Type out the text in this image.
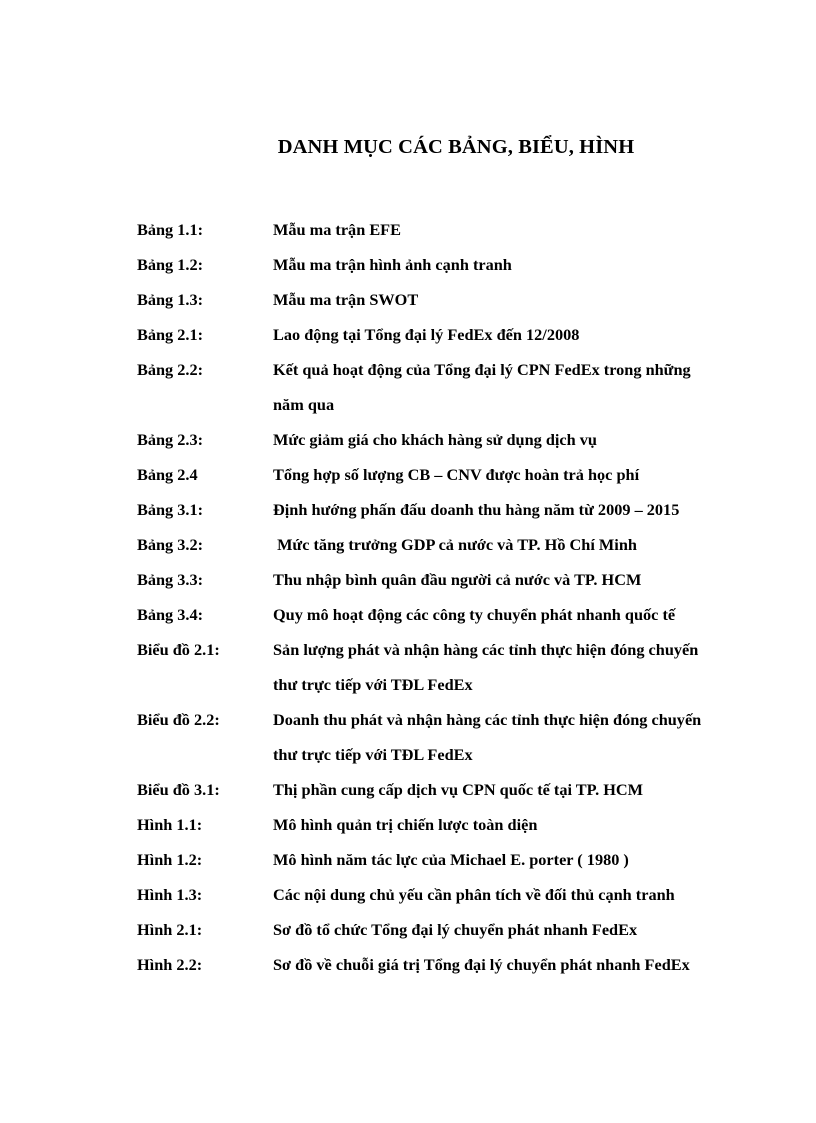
DANH MỤC CÁC BẢNG, BIỂU, HÌNH
Bảng 1.1:	Mẫu ma trận EFE
Bảng 1.2:	Mẫu ma trận hình ảnh cạnh tranh
Bảng 1.3:	Mẫu ma trận SWOT
Bảng 2.1:	Lao động tại Tổng đại lý FedEx đến 12/2008
Bảng 2.2:	Kết quả hoạt động của Tổng đại lý CPN FedEx trong những
năm qua
Bảng 2.3:	Mức giảm giá cho khách hàng sử dụng dịch vụ
Bảng 2.4	Tổng hợp số lượng CB – CNV được hoàn trả học phí
Bảng 3.1:	Định hướng phấn đấu doanh thu hàng năm từ 2009 – 2015
Bảng 3.2:	Mức tăng trưởng GDP cả nước và TP. Hồ Chí Minh
Bảng 3.3:	Thu nhập bình quân đầu người cả nước và TP. HCM
Bảng 3.4:	Quy mô hoạt động các công ty chuyển phát nhanh quốc tế
Biểu đồ 2.1:	Sản lượng phát và nhận hàng các tỉnh thực hiện đóng chuyến
thư trực tiếp với TĐL FedEx
Biểu đồ 2.2:	Doanh thu phát và nhận hàng các tỉnh thực hiện đóng chuyến
thư trực tiếp với TĐL FedEx
Biểu đồ 3.1:	Thị phần cung cấp dịch vụ CPN quốc tế tại TP. HCM
Hình 1.1:	Mô hình quản trị chiến lược toàn diện
Hình 1.2:	Mô hình năm tác lực của Michael E. porter ( 1980 )
Hình 1.3:	Các nội dung chủ yếu cần phân tích về đối thủ cạnh tranh
Hình 2.1:	Sơ đồ tổ chức Tổng đại lý chuyển phát nhanh FedEx
Hình 2.2:	Sơ đồ về chuỗi giá trị Tổng đại lý chuyển phát nhanh FedEx
